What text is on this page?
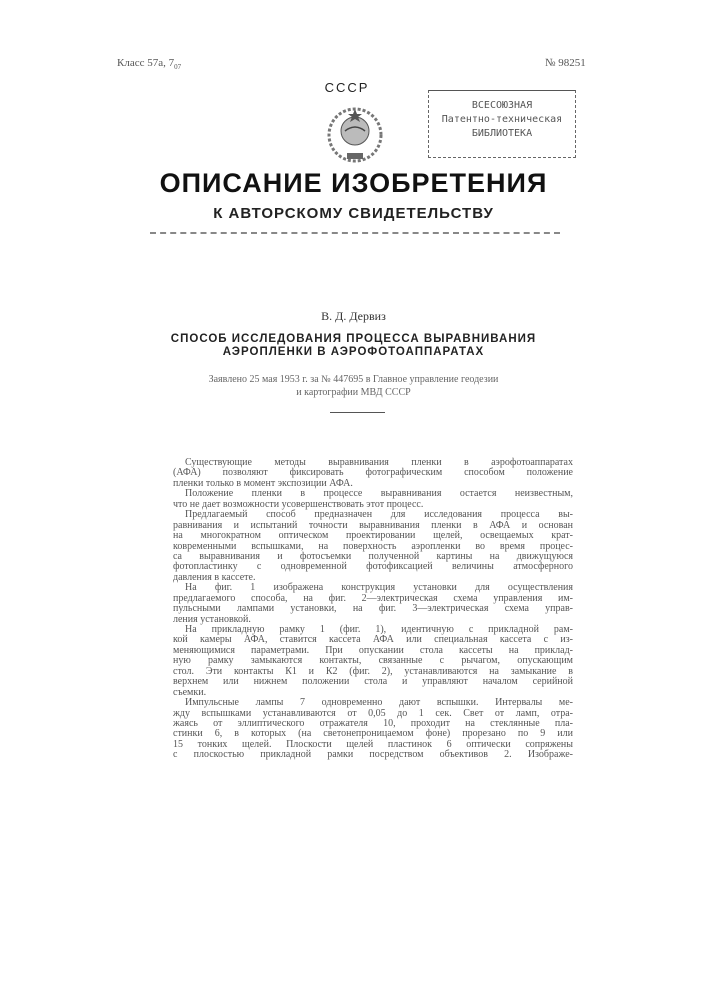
Класс 57а, 707	№ 98251
СССР
ВСЕСОЮЗНАЯ
Патентно-техническая
БИБЛИОТЕКА
ОПИСАНИЕ ИЗОБРЕТЕНИЯ
К АВТОРСКОМУ СВИДЕТЕЛЬСТВУ
В. Д. Дервиз
СПОСОБ ИССЛЕДОВАНИЯ ПРОЦЕССА ВЫРАВНИВАНИЯ
АЭРОПЛЕНКИ В АЭРОФОТОАППАРАТАХ
Заявлено 25 мая 1953 г. за № 447695 в Главное управление геодезии
и картографии МВД СССР
Существующие методы выравнивания пленки в аэрофотоаппаратах
(АФА) позволяют фиксировать фотографическим способом положение
пленки только в момент экспозиции АФА.
Положение пленки в процессе выравнивания остается неизвестным,
что не дает возможности усовершенствовать этот процесс.
Предлагаемый способ предназначен для исследования процесса вы-
равнивания и испытаний точности выравнивания пленки в АФА и основан
на многократном оптическом проектировании щелей, освещаемых крат-
ковременными вспышками, на поверхность аэропленки во время процес-
са выравнивания и фотосъемки полученной картины на движущуюся
фотопластинку с одновременной фотофиксацией величины атмосферного
давления в кассете.
На фиг. 1 изображена конструкция установки для осуществления
предлагаемого способа, на фиг. 2—электрическая схема управления им-
пульсными лампами установки, на фиг. 3—электрическая схема управ-
ления установкой.
На прикладную рамку 1 (фиг. 1), идентичную с прикладной рам-
кой камеры АФА, ставится кассета АФА или специальная кассета с из-
меняющимися параметрами. При опускании стола кассеты на приклад-
ную рамку замыкаются контакты, связанные с рычагом, опускающим
стол. Эти контакты К1 и К2 (фиг. 2), устанавливаются на замыкание в
верхнем или нижнем положении стола и управляют началом серийной
съемки.
Импульсные лампы 7 одновременно дают вспышки. Интервалы ме-
жду вспышками устанавливаются от 0,05 до 1 сек. Свет от ламп, отра-
жаясь от эллиптического отражателя 10, проходит на стеклянные пла-
стинки 6, в которых (на светонепроницаемом фоне) прорезано по 9 или
15 тонких щелей. Плоскости щелей пластинок 6 оптически сопряжены
с плоскостью прикладной рамки посредством объективов 2. Изображе-
